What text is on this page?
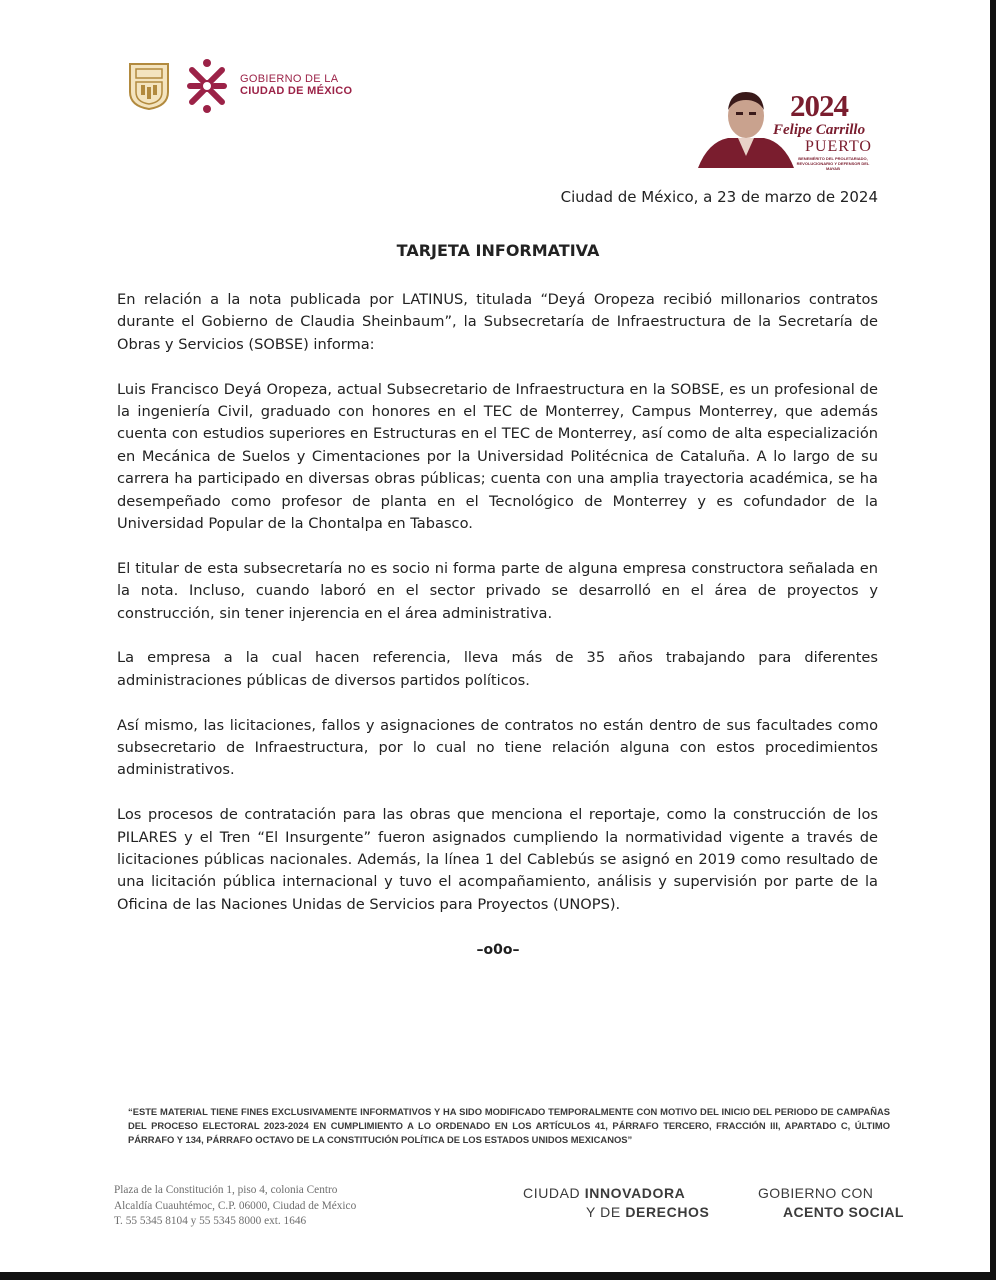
GOBIERNO DE LA
CIUDAD DE MÉXICO	2024
Felipe Carrillo
PUERTO
BENEMÉRITO DEL PROLETARIADO, REVOLUCIONARIO Y DEFENSOR DEL MAYAB
Ciudad de México, a 23 de marzo de 2024
TARJETA INFORMATIVA

En relación a la nota publicada por LATINUS, titulada “Deyá Oropeza recibió millonarios contratos durante el Gobierno de Claudia Sheinbaum”, la Subsecretaría de Infraestructura de la Secretaría de Obras y Servicios (SOBSE) informa:

Luis Francisco Deyá Oropeza, actual Subsecretario de Infraestructura en la SOBSE, es un profesional de la ingeniería Civil, graduado con honores en el TEC de Monterrey, Campus Monterrey, que además cuenta con estudios superiores en Estructuras en el TEC de Monterrey, así como de alta especialización en Mecánica de Suelos y Cimentaciones por la Universidad Politécnica de Cataluña. A lo largo de su carrera ha participado en diversas obras públicas; cuenta con una amplia trayectoria académica, se ha desempeñado como profesor de planta en el Tecnológico de Monterrey y es cofundador de la Universidad Popular de la Chontalpa en Tabasco.

El titular de esta subsecretaría no es socio ni forma parte de alguna empresa constructora señalada en la nota. Incluso, cuando laboró en el sector privado se desarrolló en el área de proyectos y construcción, sin tener injerencia en el área administrativa.

La empresa a la cual hacen referencia, lleva más de 35 años trabajando para diferentes administraciones públicas de diversos partidos políticos.

Así mismo, las licitaciones, fallos y asignaciones de contratos no están dentro de sus facultades como subsecretario de Infraestructura, por lo cual no tiene relación alguna con estos procedimientos administrativos.

Los procesos de contratación para las obras que menciona el reportaje, como la construcción de los PILARES y el Tren “El Insurgente” fueron asignados cumpliendo la normatividad vigente a través de licitaciones públicas nacionales. Además, la línea 1 del Cablebús se asignó en 2019 como resultado de una licitación pública internacional y tuvo el acompañamiento, análisis y supervisión por parte de la Oficina de las Naciones Unidas de Servicios para Proyectos (UNOPS).

–o0o–
“ESTE MATERIAL TIENE FINES EXCLUSIVAMENTE INFORMATIVOS Y HA SIDO MODIFICADO TEMPORALMENTE CON MOTIVO DEL INICIO DEL PERIODO DE CAMPAÑAS DEL PROCESO ELECTORAL 2023-2024 EN CUMPLIMIENTO A LO ORDENADO EN LOS ARTÍCULOS 41, PÁRRAFO TERCERO, FRACCIÓN III, APARTADO C, ÚLTIMO PÁRRAFO Y 134, PÁRRAFO OCTAVO DE LA CONSTITUCIÓN POLÍTICA DE LOS ESTADOS UNIDOS MEXICANOS”
Plaza de la Constitución 1, piso 4, colonia Centro
Alcaldía Cuauhtémoc, C.P. 06000, Ciudad de México
T. 55 5345 8104 y 55 5345 8000 ext. 1646
CIUDAD INNOVADORA
Y DE DERECHOS
GOBIERNO CON
ACENTO SOCIAL
